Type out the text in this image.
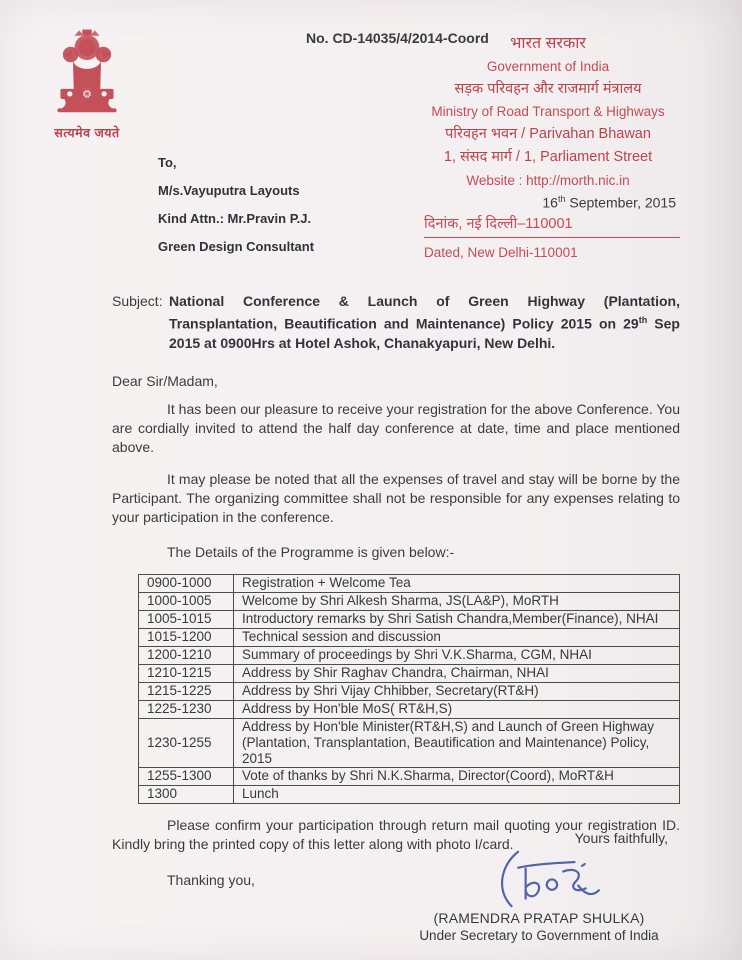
सत्यमेव जयते
No. CD-14035/4/2014-Coord	भारत सरकार
Government of India
सड़क परिवहन और राजमार्ग मंत्रालय
Ministry of Road Transport & Highways
परिवहन भवन / Parivahan Bhawan
1, संसद मार्ग / 1, Parliament Street
Website : http://morth.nic.in
To,
M/s.Vayuputra Layouts
Kind Attn.: Mr.Pravin P.J.
Green Design Consultant
16th September, 2015
दिनांक, नई दिल्ली–110001
Dated, New Delhi-110001
Subject: National Conference & Launch of Green Highway (Plantation, Transplantation, Beautification and Maintenance) Policy 2015 on 29th Sep 2015 at 0900Hrs at Hotel Ashok, Chanakyapuri, New Delhi.
Dear Sir/Madam,

It has been our pleasure to receive your registration for the above Conference. You are cordially invited to attend the half day conference at date, time and place mentioned above.

It may please be noted that all the expenses of travel and stay will be borne by the Participant. The organizing committee shall not be responsible for any expenses relating to your participation in the conference.

The Details of the Programme is given below:-
0900-1000	Registration + Welcome Tea
1000-1005	Welcome by Shri Alkesh Sharma, JS(LA&P), MoRTH
1005-1015	Introductory remarks by Shri Satish Chandra,Member(Finance), NHAI
1015-1200	Technical session and discussion
1200-1210	Summary of proceedings by Shri V.K.Sharma, CGM, NHAI
1210-1215	Address by Shir Raghav Chandra, Chairman, NHAI
1215-1225	Address by Shri Vijay Chhibber, Secretary(RT&H)
1225-1230	Address by Hon'ble MoS( RT&H,S)
1230-1255	Address by Hon'ble Minister(RT&H,S) and Launch of Green Highway (Plantation, Transplantation, Beautification and Maintenance) Policy, 2015
1255-1300	Vote of thanks by Shri N.K.Sharma, Director(Coord), MoRT&H
1300	Lunch

Please confirm your participation through return mail quoting your registration ID. Kindly bring the printed copy of this letter along with photo I/card.

Thanking you,
Yours faithfully,
(RAMENDRA PRATAP SHULKA)
Under Secretary to Government of India
